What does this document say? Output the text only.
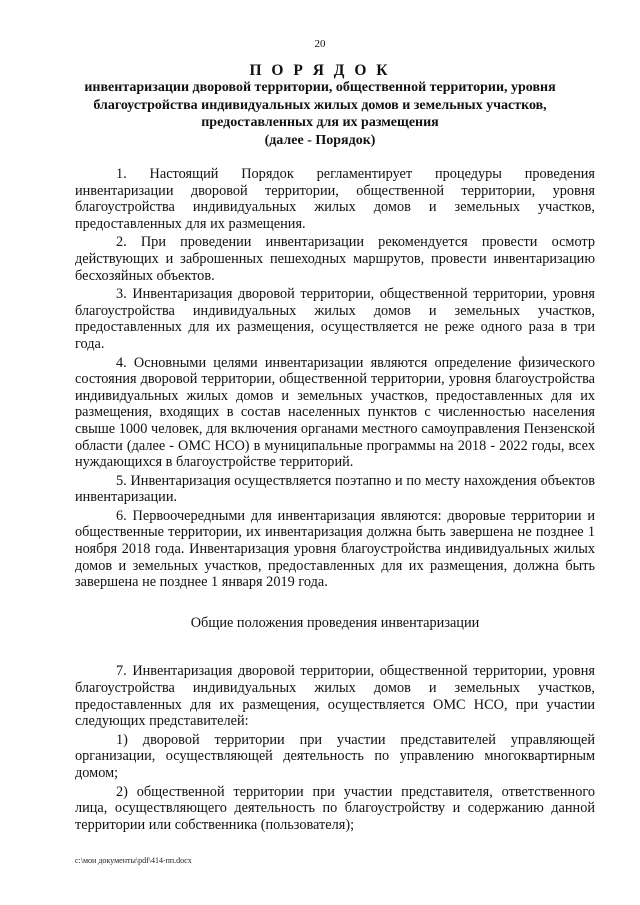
20
П О Р Я Д О К
инвентаризации дворовой территории, общественной территории, уровня
благоустройства индивидуальных жилых домов и земельных участков,
предоставленных для их размещения
(далее - Порядок)

1. Настоящий Порядок регламентирует процедуры проведения инвентаризации дворовой территории, общественной территории, уровня благоустройства индивидуальных жилых домов и земельных участков, предоставленных для их размещения.

2. При проведении инвентаризации рекомендуется провести осмотр действующих и заброшенных пешеходных маршрутов, провести инвентаризацию бесхозяйных объектов.

3. Инвентаризация дворовой территории, общественной территории, уровня благоустройства индивидуальных жилых домов и земельных участков, предоставленных для их размещения, осуществляется не реже одного раза в три года.

4. Основными целями инвентаризации являются определение физического состояния дворовой территории, общественной территории, уровня благоустройства индивидуальных жилых домов и земельных участков, предоставленных для их размещения, входящих в состав населенных пунктов с численностью населения свыше 1000 человек, для включения органами местного самоуправления Пензенской области (далее - ОМС НСО) в муниципальные программы на 2018 - 2022 годы, всех нуждающихся в благоустройстве территорий.

5. Инвентаризация осуществляется поэтапно и по месту нахождения объектов инвентаризации.

6. Первоочередными для инвентаризация являются: дворовые территории и общественные территории, их инвентаризация должна быть завершена не позднее 1 ноября 2018 года. Инвентаризация уровня благоустройства индивидуальных жилых домов и земельных участков, предоставленных для их размещения, должна быть завершена не позднее 1 января 2019 года.

Общие положения проведения инвентаризации

7. Инвентаризация дворовой территории, общественной территории, уровня благоустройства индивидуальных жилых домов и земельных участков, предоставленных для их размещения, осуществляется ОМС НСО, при участии следующих представителей:

1) дворовой территории при участии представителей управляющей организации, осуществляющей деятельность по управлению многоквартирным домом;

2) общественной территории при участии представителя, ответственного лица, осуществляющего деятельность по благоустройству и содержанию данной территории или собственника (пользователя);

c:\мои документы\pdf\414-пп.docx
